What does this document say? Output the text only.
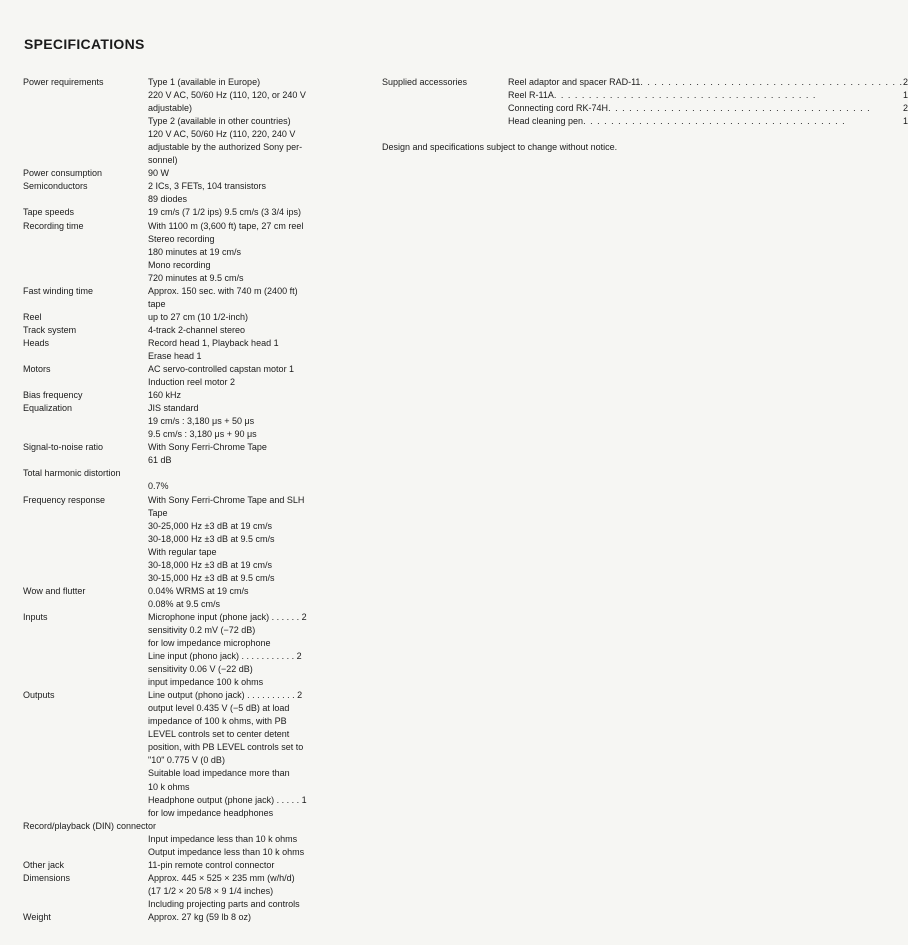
SPECIFICATIONS
Power requirements	Type 1 (available in Europe)
220 V AC, 50/60 Hz (110, 120, or 240 V
adjustable)
Type 2 (available in other countries)
120 V AC, 50/60 Hz (110, 220, 240 V
adjustable by the authorized Sony per-
sonnel)
Power consumption	90 W
Semiconductors	2 ICs, 3 FETs, 104 transistors
89 diodes
Tape speeds	19 cm/s (7 1/2 ips) 9.5 cm/s (3 3/4 ips)
Recording time	With 1100 m (3,600 ft) tape, 27 cm reel
Stereo recording
180 minutes at 19 cm/s
Mono recording
720 minutes at 9.5 cm/s
Fast winding time	Approx. 150 sec. with 740 m (2400 ft)
tape
Reel	up to 27 cm (10 1/2-inch)
Track system	4-track 2-channel stereo
Heads	Record head 1, Playback head 1
Erase head 1
Motors	AC servo-controlled capstan motor 1
Induction reel motor 2
Bias frequency	160 kHz
Equalization	JIS standard
19 cm/s : 3,180 μs + 50 μs
9.5 cm/s : 3,180 μs + 90 μs
Signal-to-noise ratio	With Sony Ferri-Chrome Tape
61 dB
Total harmonic distortion
0.7%
Frequency response	With Sony Ferri-Chrome Tape and SLH
Tape
30-25,000 Hz ±3 dB at 19 cm/s
30-18,000 Hz ±3 dB at 9.5 cm/s
With regular tape
30-18,000 Hz ±3 dB at 19 cm/s
30-15,000 Hz ±3 dB at 9.5 cm/s
Wow and flutter	0.04% WRMS at 19 cm/s
0.08% at 9.5 cm/s
Inputs	Microphone input (phone jack) . . . . . . 2
sensitivity 0.2 mV (−72 dB)
for low impedance microphone
Line input (phono jack) . . . . . . . . . . . 2
sensitivity 0.06 V (−22 dB)
input impedance 100 k ohms
Outputs	Line output (phono jack) . . . . . . . . . . 2
output level 0.435 V (−5 dB) at load
impedance of 100 k ohms, with PB
LEVEL controls set to center detent
position, with PB LEVEL controls set to
"10" 0.775 V (0 dB)
Suitable load impedance more than
10 k ohms
Headphone output (phone jack) . . . . . 1
for low impedance headphones
Record/playback (DIN) connector
Input impedance less than 10 k ohms
Output impedance less than 10 k ohms
Other jack	11-pin remote control connector
Dimensions	Approx. 445 × 525 × 235 mm (w/h/d)
(17 1/2 × 20 5/8 × 9 1/4 inches)
Including projecting parts and controls
Weight	Approx. 27 kg (59 lb 8 oz)
Supplied accessories	Reel adaptor and spacer RAD-11 . . .	2
Reel R-11A . . .	1
Connecting cord RK-74H . . .	2
Head cleaning pen . . .	1
Design and specifications subject to change without notice.
